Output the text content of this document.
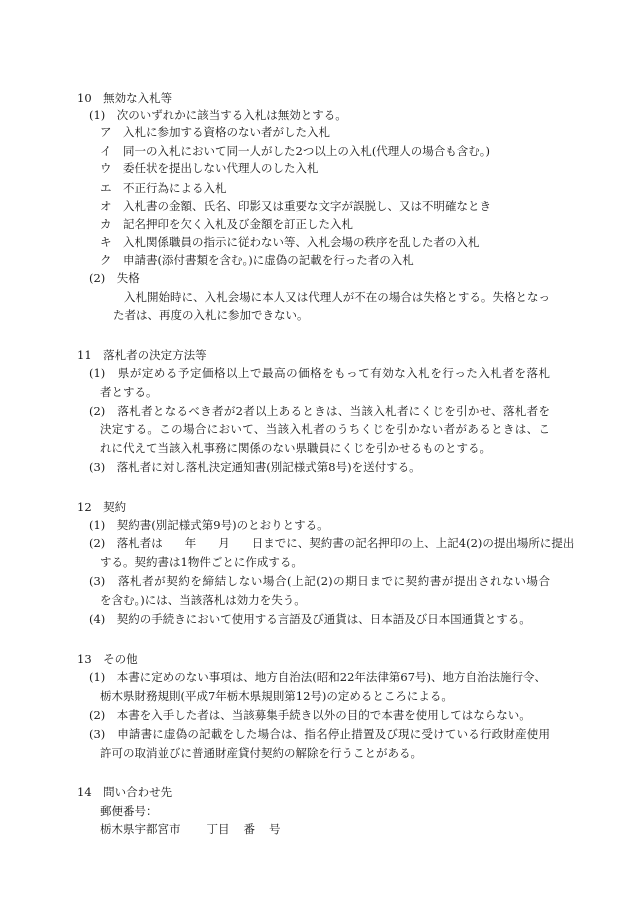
10　無効な入札等
(1)　次のいずれかに該当する入札は無効とする。
ア　入札に参加する資格のない者がした入札
イ　同一の入札において同一人がした2つ以上の入札(代理人の場合も含む。)
ウ　委任状を提出しない代理人のした入札
エ　不正行為による入札
オ　入札書の金額、氏名、印影又は重要な文字が誤脱し、又は不明確なとき
カ　記名押印を欠く入札及び金額を訂正した入札
キ　入札関係職員の指示に従わない等、入札会場の秩序を乱した者の入札
ク　申請書(添付書類を含む。)に虚偽の記載を行った者の入札
(2)　失格
入札開始時に、入札会場に本人又は代理人が不在の場合は失格とする。失格となっ
た者は、再度の入札に参加できない。
11　落札者の決定方法等
(1)　県が定める予定価格以上で最高の価格をもって有効な入札を行った入札者を落札
者とする。
(2)　落札者となるべき者が2者以上あるときは、当該入札者にくじを引かせ、落札者を
決定する。この場合において、当該入札者のうちくじを引かない者があるときは、こ
れに代えて当該入札事務に関係のない県職員にくじを引かせるものとする。
(3)　落札者に対し落札決定通知書(別記様式第8号)を送付する。
12　契約
(1)　契約書(別記様式第9号)のとおりとする。
(2)　落札者は 年 月 日までに、契約書の記名押印の上、上記4(2)の提出場所に提出
する。契約書は1物件ごとに作成する。
(3)　落札者が契約を締結しない場合(上記(2)の期日までに契約書が提出されない場合
を含む。)には、当該落札は効力を失う。
(4)　契約の手続きにおいて使用する言語及び通貨は、日本語及び日本国通貨とする。
13　その他
(1)　本書に定めのない事項は、地方自治法(昭和22年法律第67号)、地方自治法施行令、
栃木県財務規則(平成7年栃木県規則第12号)の定めるところによる。
(2)　本書を入手した者は、当該募集手続き以外の目的で本書を使用してはならない。
(3)　申請書に虚偽の記載をした場合は、指名停止措置及び現に受けている行政財産使用
許可の取消並びに普通財産貸付契約の解除を行うことがある。
14　問い合わせ先
郵便番号：
栃木県宇都宮市 丁目 番 号
